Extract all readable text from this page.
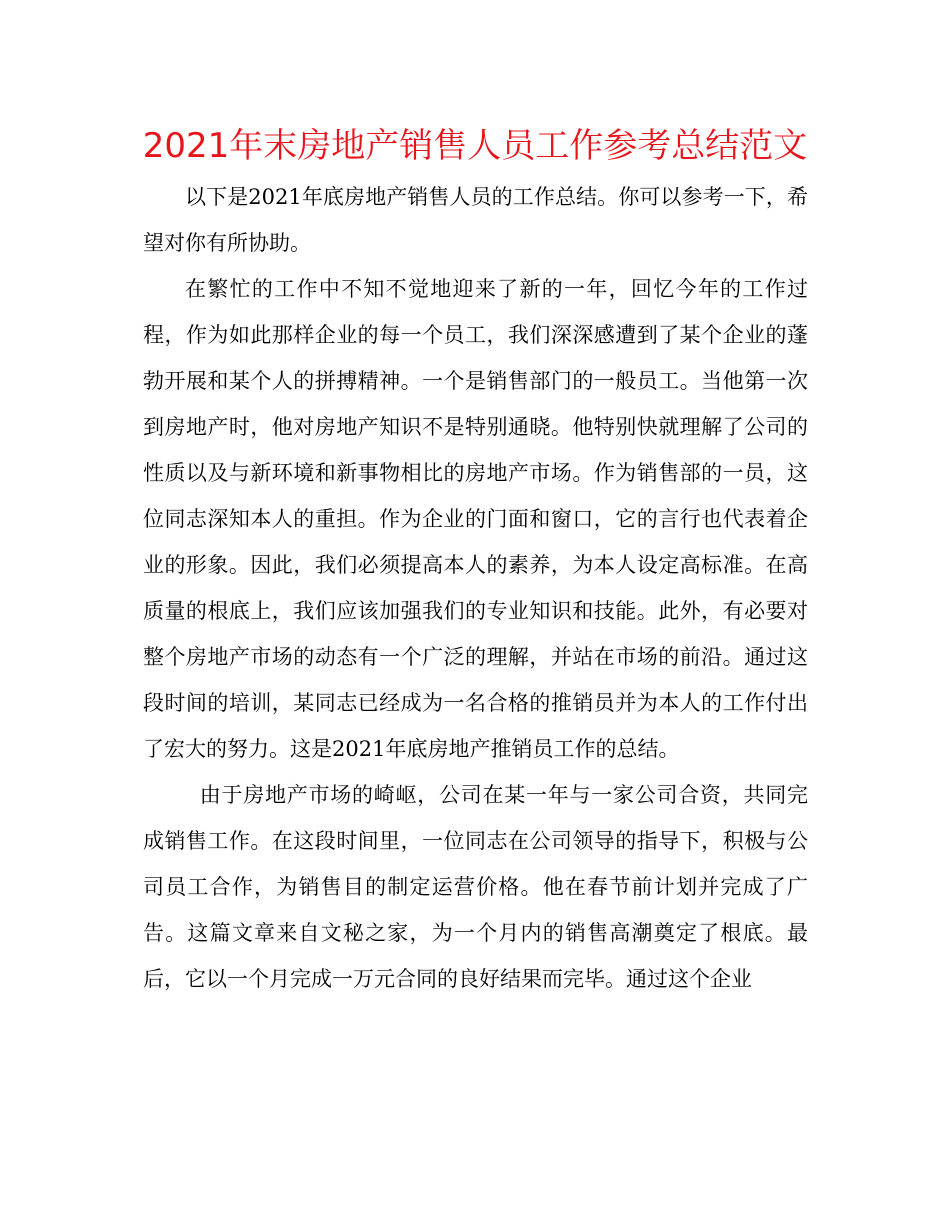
2021年末房地产销售人员工作参考总结范文

以下是2021年底房地产销售人员的工作总结。你可以参考一下，希望对你有所协助。

在繁忙的工作中不知不觉地迎来了新的一年，回忆今年的工作过程，作为如此那样企业的每一个员工，我们深深感遭到了某个企业的蓬勃开展和某个人的拼搏精神。一个是销售部门的一般员工。当他第一次到房地产时，他对房地产知识不是特别通晓。他特别快就理解了公司的性质以及与新环境和新事物相比的房地产市场。作为销售部的一员，这位同志深知本人的重担。作为企业的门面和窗口，它的言行也代表着企业的形象。因此，我们必须提高本人的素养，为本人设定高标准。在高质量的根底上，我们应该加强我们的专业知识和技能。此外，有必要对整个房地产市场的动态有一个广泛的理解，并站在市场的前沿。通过这段时间的培训，某同志已经成为一名合格的推销员并为本人的工作付出了宏大的努力。这是2021年底房地产推销员工作的总结。

由于房地产市场的崎岖，公司在某一年与一家公司合资，共同完成销售工作。在这段时间里，一位同志在公司领导的指导下，积极与公司员工合作，为销售目的制定运营价格。他在春节前计划并完成了广告。这篇文章来自文秘之家，为一个月内的销售高潮奠定了根底。最后，它以一个月完成一万元合同的良好结果而完毕。通过这个企业
